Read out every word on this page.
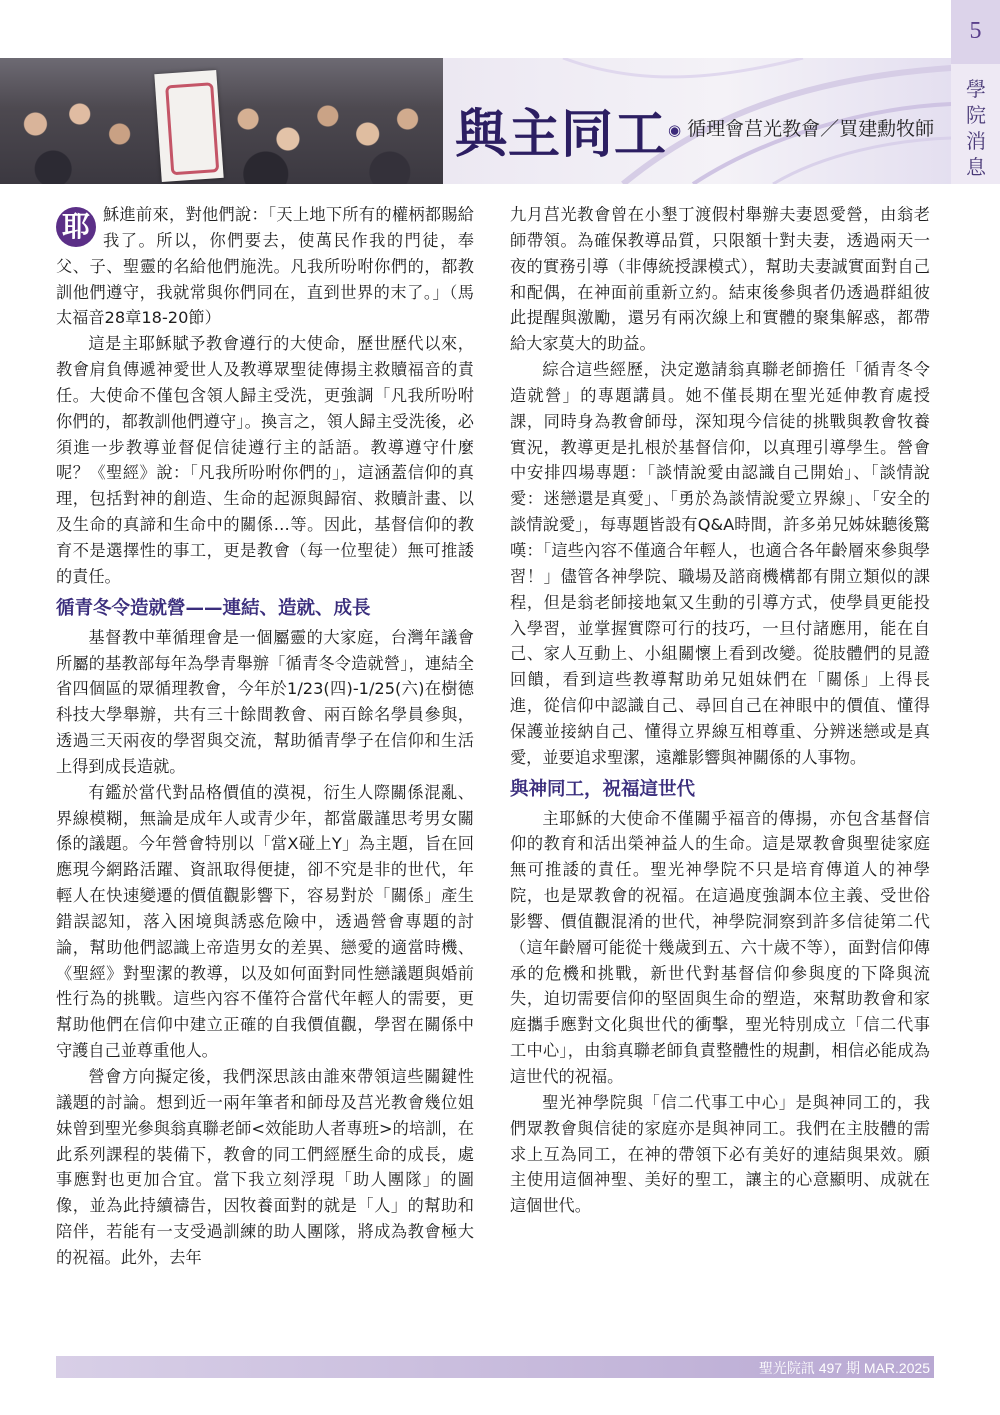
與主同工 ◉ 循理會莒光教會／買建勳牧師
5
學院消息

耶 穌進前來，對他們說：「天上地下所有的權柄都賜給我了。所以，你們要去，使萬民作我的門徒，奉父、子、聖靈的名給他們施洗。凡我所吩咐你們的，都教訓他們遵守，我就常與你們同在，直到世界的末了。」（馬太福音28章18-20節）

這是主耶穌賦予教會遵行的大使命，歷世歷代以來，教會肩負傳遞神愛世人及教導眾聖徒傳揚主救贖福音的責任。大使命不僅包含領人歸主受洗，更強調「凡我所吩咐你們的，都教訓他們遵守」。換言之，領人歸主受洗後，必須進一步教導並督促信徒遵行主的話語。教導遵守什麼呢？《聖經》說：「凡我所吩咐你們的」，這涵蓋信仰的真理，包括對神的創造、生命的起源與歸宿、救贖計畫、以及生命的真諦和生命中的關係…等。因此，基督信仰的教育不是選擇性的事工，更是教會（每一位聖徒）無可推諉的責任。

循青冬令造就營——連結、造就、成長

基督教中華循理會是一個屬靈的大家庭，台灣年議會所屬的基教部每年為學青舉辦「循青冬令造就營」，連結全省四個區的眾循理教會，今年於1/23(四)-1/25(六)在樹德科技大學舉辦，共有三十餘間教會、兩百餘名學員參與，透過三天兩夜的學習與交流，幫助循青學子在信仰和生活上得到成長造就。

有鑑於當代對品格價值的漠視，衍生人際關係混亂、界線模糊，無論是成年人或青少年，都當嚴謹思考男女關係的議題。今年營會特別以「當X碰上Y」為主題，旨在回應現今網路活躍、資訊取得便捷，卻不究是非的世代，年輕人在快速變遷的價值觀影響下，容易對於「關係」產生錯誤認知，落入困境與誘惑危險中，透過營會專題的討論，幫助他們認識上帝造男女的差異、戀愛的適當時機、《聖經》對聖潔的教導，以及如何面對同性戀議題與婚前性行為的挑戰。這些內容不僅符合當代年輕人的需要，更幫助他們在信仰中建立正確的自我價值觀，學習在關係中守護自己並尊重他人。

營會方向擬定後，我們深思該由誰來帶領這些關鍵性議題的討論。想到近一兩年筆者和師母及莒光教會幾位姐妹曾到聖光參與翁真聯老師<效能助人者專班>的培訓，在此系列課程的裝備下，教會的同工們經歷生命的成長，處事應對也更加合宜。當下我立刻浮現「助人團隊」的圖像，並為此持續禱告，因牧養面對的就是「人」的幫助和陪伴，若能有一支受過訓練的助人團隊，將成為教會極大的祝福。此外，去年

九月莒光教會曾在小墾丁渡假村舉辦夫妻恩愛營，由翁老師帶領。為確保教導品質，只限額十對夫妻，透過兩天一夜的實務引導（非傳統授課模式），幫助夫妻誠實面對自己和配偶，在神面前重新立約。結束後參與者仍透過群組彼此提醒與激勵，還另有兩次線上和實體的聚集解惑，都帶給大家莫大的助益。

綜合這些經歷，決定邀請翁真聯老師擔任「循青冬令造就營」的專題講員。她不僅長期在聖光延伸教育處授課，同時身為教會師母，深知現今信徒的挑戰與教會牧養實況，教導更是扎根於基督信仰，以真理引導學生。營會中安排四場專題：「談情說愛由認識自己開始」、「談情說愛：迷戀還是真愛」、「勇於為談情說愛立界線」、「安全的談情說愛」，每專題皆設有Q&A時間，許多弟兄姊妹聽後驚嘆：「這些內容不僅適合年輕人，也適合各年齡層來參與學習！」儘管各神學院、職場及諮商機構都有開立類似的課程，但是翁老師接地氣又生動的引導方式，使學員更能投入學習，並掌握實際可行的技巧，一旦付諸應用，能在自己、家人互動上、小組關懷上看到改變。從肢體們的見證回饋，看到這些教導幫助弟兄姐妹們在「關係」上得長進，從信仰中認識自己、尋回自己在神眼中的價值、懂得保護並接納自己、懂得立界線互相尊重、分辨迷戀或是真愛，並要追求聖潔，遠離影響與神關係的人事物。

與神同工，祝福這世代

主耶穌的大使命不僅關乎福音的傳揚，亦包含基督信仰的教育和活出榮神益人的生命。這是眾教會與聖徒家庭無可推諉的責任。聖光神學院不只是培育傳道人的神學院，也是眾教會的祝福。在這過度強調本位主義、受世俗影響、價值觀混淆的世代，神學院洞察到許多信徒第二代（這年齡層可能從十幾歲到五、六十歲不等），面對信仰傳承的危機和挑戰，新世代對基督信仰參與度的下降與流失，迫切需要信仰的堅固與生命的塑造，來幫助教會和家庭攜手應對文化與世代的衝擊，聖光特別成立「信二代事工中心」，由翁真聯老師負責整體性的規劃，相信必能成為這世代的祝福。

聖光神學院與「信二代事工中心」是與神同工的，我們眾教會與信徒的家庭亦是與神同工。我們在主肢體的需求上互為同工，在神的帶領下必有美好的連結與果效。願主使用這個神聖、美好的聖工，讓主的心意顯明、成就在這個世代。

聖光院訊 497 期 MAR.2025
